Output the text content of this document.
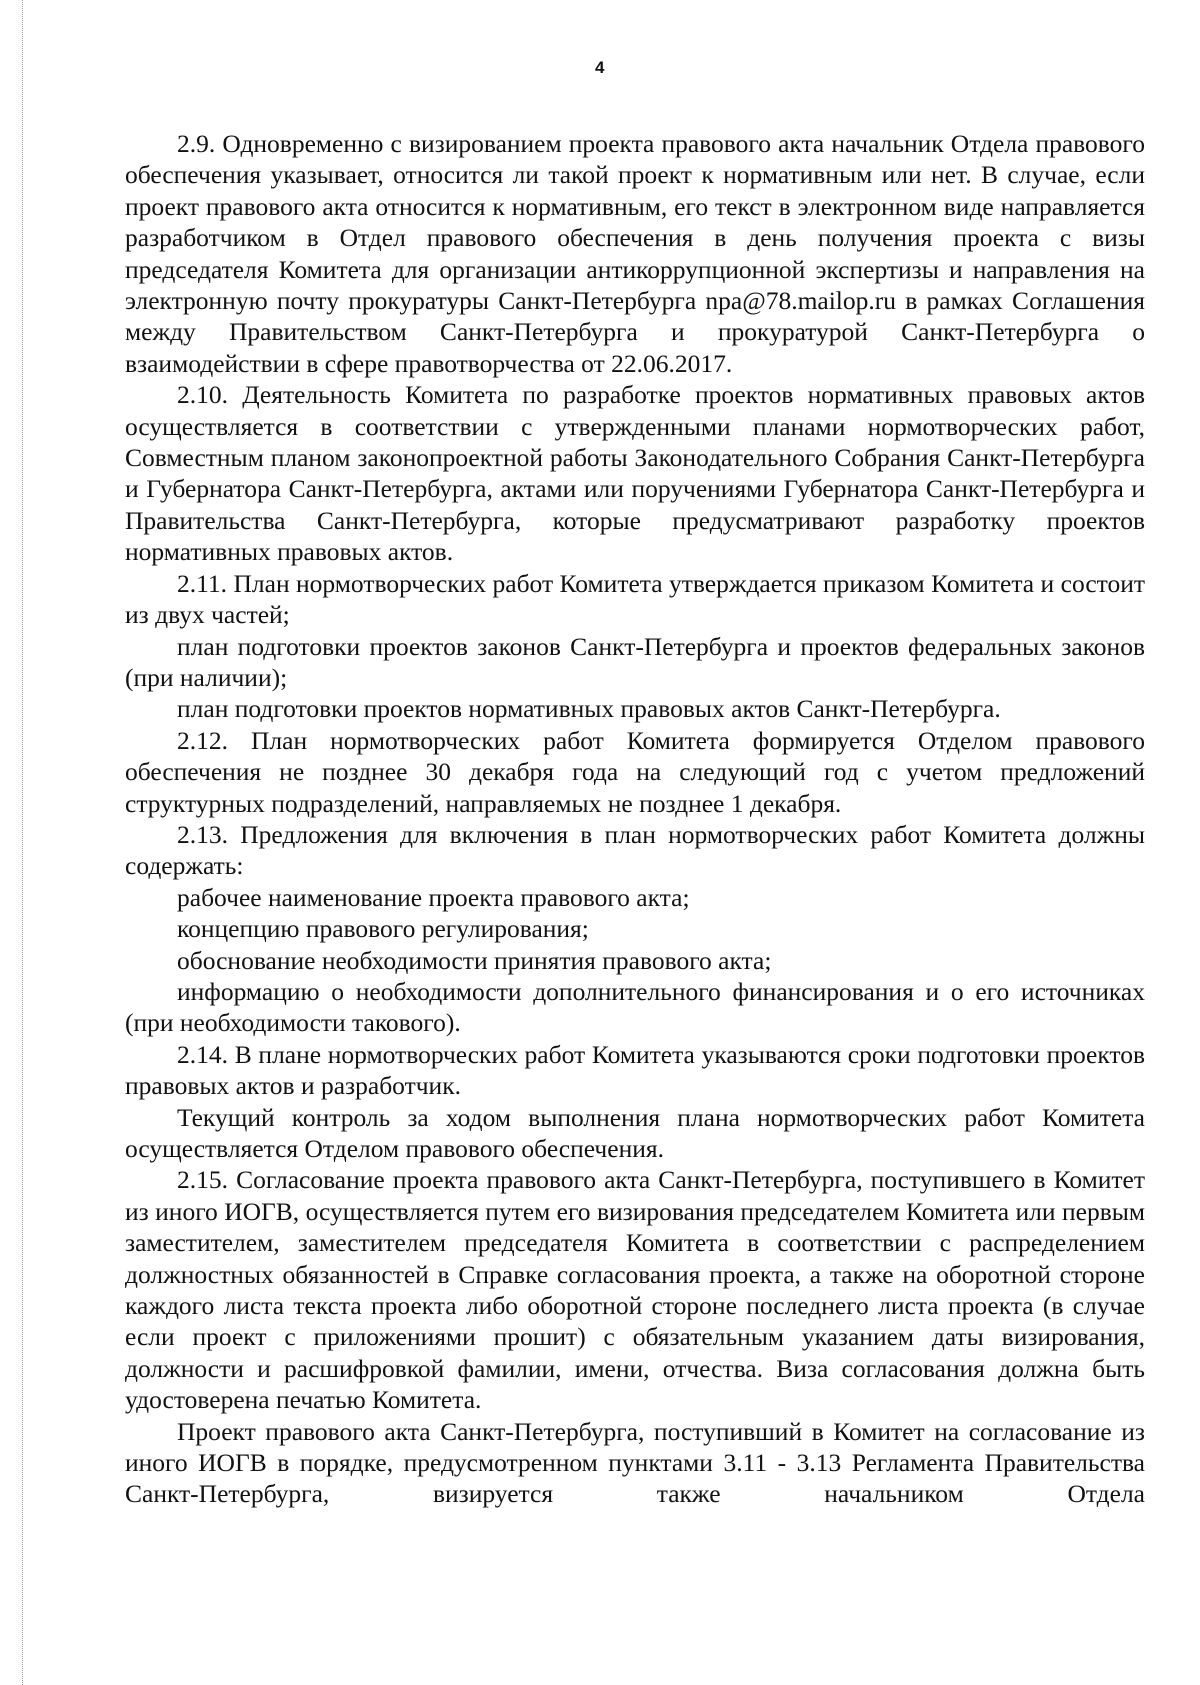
4

2.9. Одновременно с визированием проекта правового акта начальник Отдела правового обеспечения указывает, относится ли такой проект к нормативным или нет. В случае, если проект правового акта относится к нормативным, его текст в электронном виде направляется разработчиком в Отдел правового обеспечения в день получения проекта с визы председателя Комитета для организации антикоррупционной экспертизы и направления на электронную почту прокуратуры Санкт-Петербурга npa@78.mailop.ru в рамках Соглашения между Правительством Санкт-Петербурга и прокуратурой Санкт-Петербурга о взаимодействии в сфере правотворчества от 22.06.2017.

2.10. Деятельность Комитета по разработке проектов нормативных правовых актов осуществляется в соответствии с утвержденными планами нормотворческих работ, Совместным планом законопроектной работы Законодательного Собрания Санкт-Петербурга и Губернатора Санкт-Петербурга, актами или поручениями Губернатора Санкт-Петербурга и Правительства Санкт-Петербурга, которые предусматривают разработку проектов нормативных правовых актов.

2.11. План нормотворческих работ Комитета утверждается приказом Комитета и состоит из двух частей;

план подготовки проектов законов Санкт-Петербурга и проектов федеральных законов (при наличии);

план подготовки проектов нормативных правовых актов Санкт-Петербурга.

2.12. План нормотворческих работ Комитета формируется Отделом правового обеспечения не позднее 30 декабря года на следующий год с учетом предложений структурных подразделений, направляемых не позднее 1 декабря.

2.13. Предложения для включения в план нормотворческих работ Комитета должны содержать:

рабочее наименование проекта правового акта;

концепцию правового регулирования;

обоснование необходимости принятия правового акта;

информацию о необходимости дополнительного финансирования и о его источниках (при необходимости такового).

2.14. В плане нормотворческих работ Комитета указываются сроки подготовки проектов правовых актов и разработчик.

Текущий контроль за ходом выполнения плана нормотворческих работ Комитета осуществляется Отделом правового обеспечения.

2.15. Согласование проекта правового акта Санкт-Петербурга, поступившего в Комитет из иного ИОГВ, осуществляется путем его визирования председателем Комитета или первым заместителем, заместителем председателя Комитета в соответствии с распределением должностных обязанностей в Справке согласования проекта, а также на оборотной стороне каждого листа текста проекта либо оборотной стороне последнего листа проекта (в случае если проект с приложениями прошит) с обязательным указанием даты визирования, должности и расшифровкой фамилии, имени, отчества. Виза согласования должна быть удостоверена печатью Комитета.

Проект правового акта Санкт-Петербурга, поступивший в Комитет на согласование из иного ИОГВ в порядке, предусмотренном пунктами 3.11 - 3.13 Регламента Правительства Санкт-Петербурга, визируется также начальником Отдела
